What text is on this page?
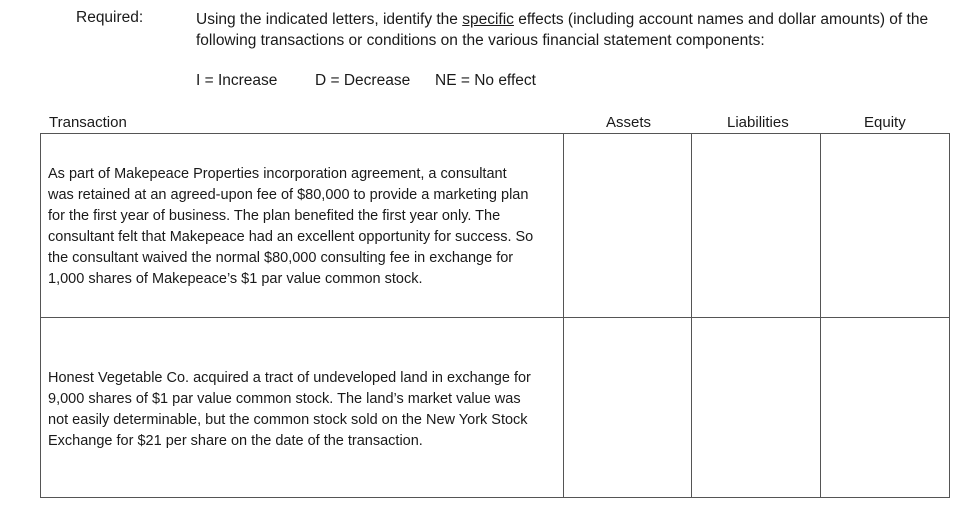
Required:	Using the indicated letters, identify the specific effects (including account names and dollar amounts) of the
following transactions or conditions on the various financial statement components:
I = Increase D = Decrease NE = No effect
Transaction	Assets	Liabilities	Equity
As part of Makepeace Properties incorporation agreement, a consultant
was retained at an agreed-upon fee of $80,000 to provide a marketing plan
for the first year of business. The plan benefited the first year only. The
consultant felt that Makepeace had an excellent opportunity for success. So
the consultant waived the normal $80,000 consulting fee in exchange for
1,000 shares of Makepeace’s $1 par value common stock.
Honest Vegetable Co. acquired a tract of undeveloped land in exchange for
9,000 shares of $1 par value common stock. The land’s market value was
not easily determinable, but the common stock sold on the New York Stock
Exchange for $21 per share on the date of the transaction.
